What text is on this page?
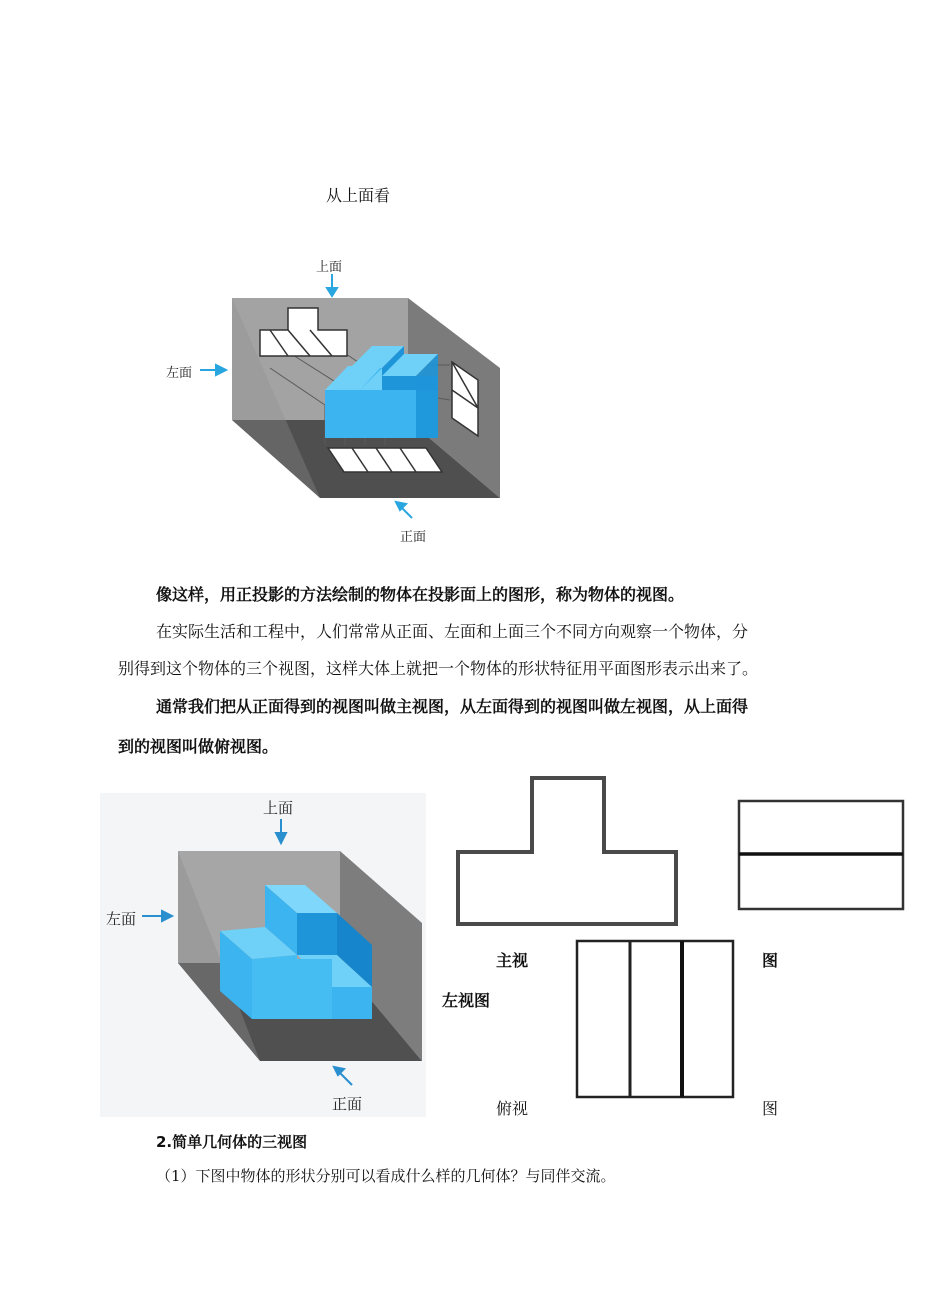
从上面看
上面
左面
正面
像这样，用正投影的方法绘制的物体在投影面上的图形，称为物体的视图。
在实际生活和工程中，人们常常从正面、左面和上面三个不同方向观察一个物体，分
别得到这个物体的三个视图，这样大体上就把一个物体的形状特征用平面图形表示出来了。
通常我们把从正面得到的视图叫做主视图，从左面得到的视图叫做左视图，从上面得
到的视图叫做俯视图。
上面
左面
正面
主视	图
左视图
俯视	图
2.简单几何体的三视图
（1）下图中物体的形状分别可以看成什么样的几何体？与同伴交流。
